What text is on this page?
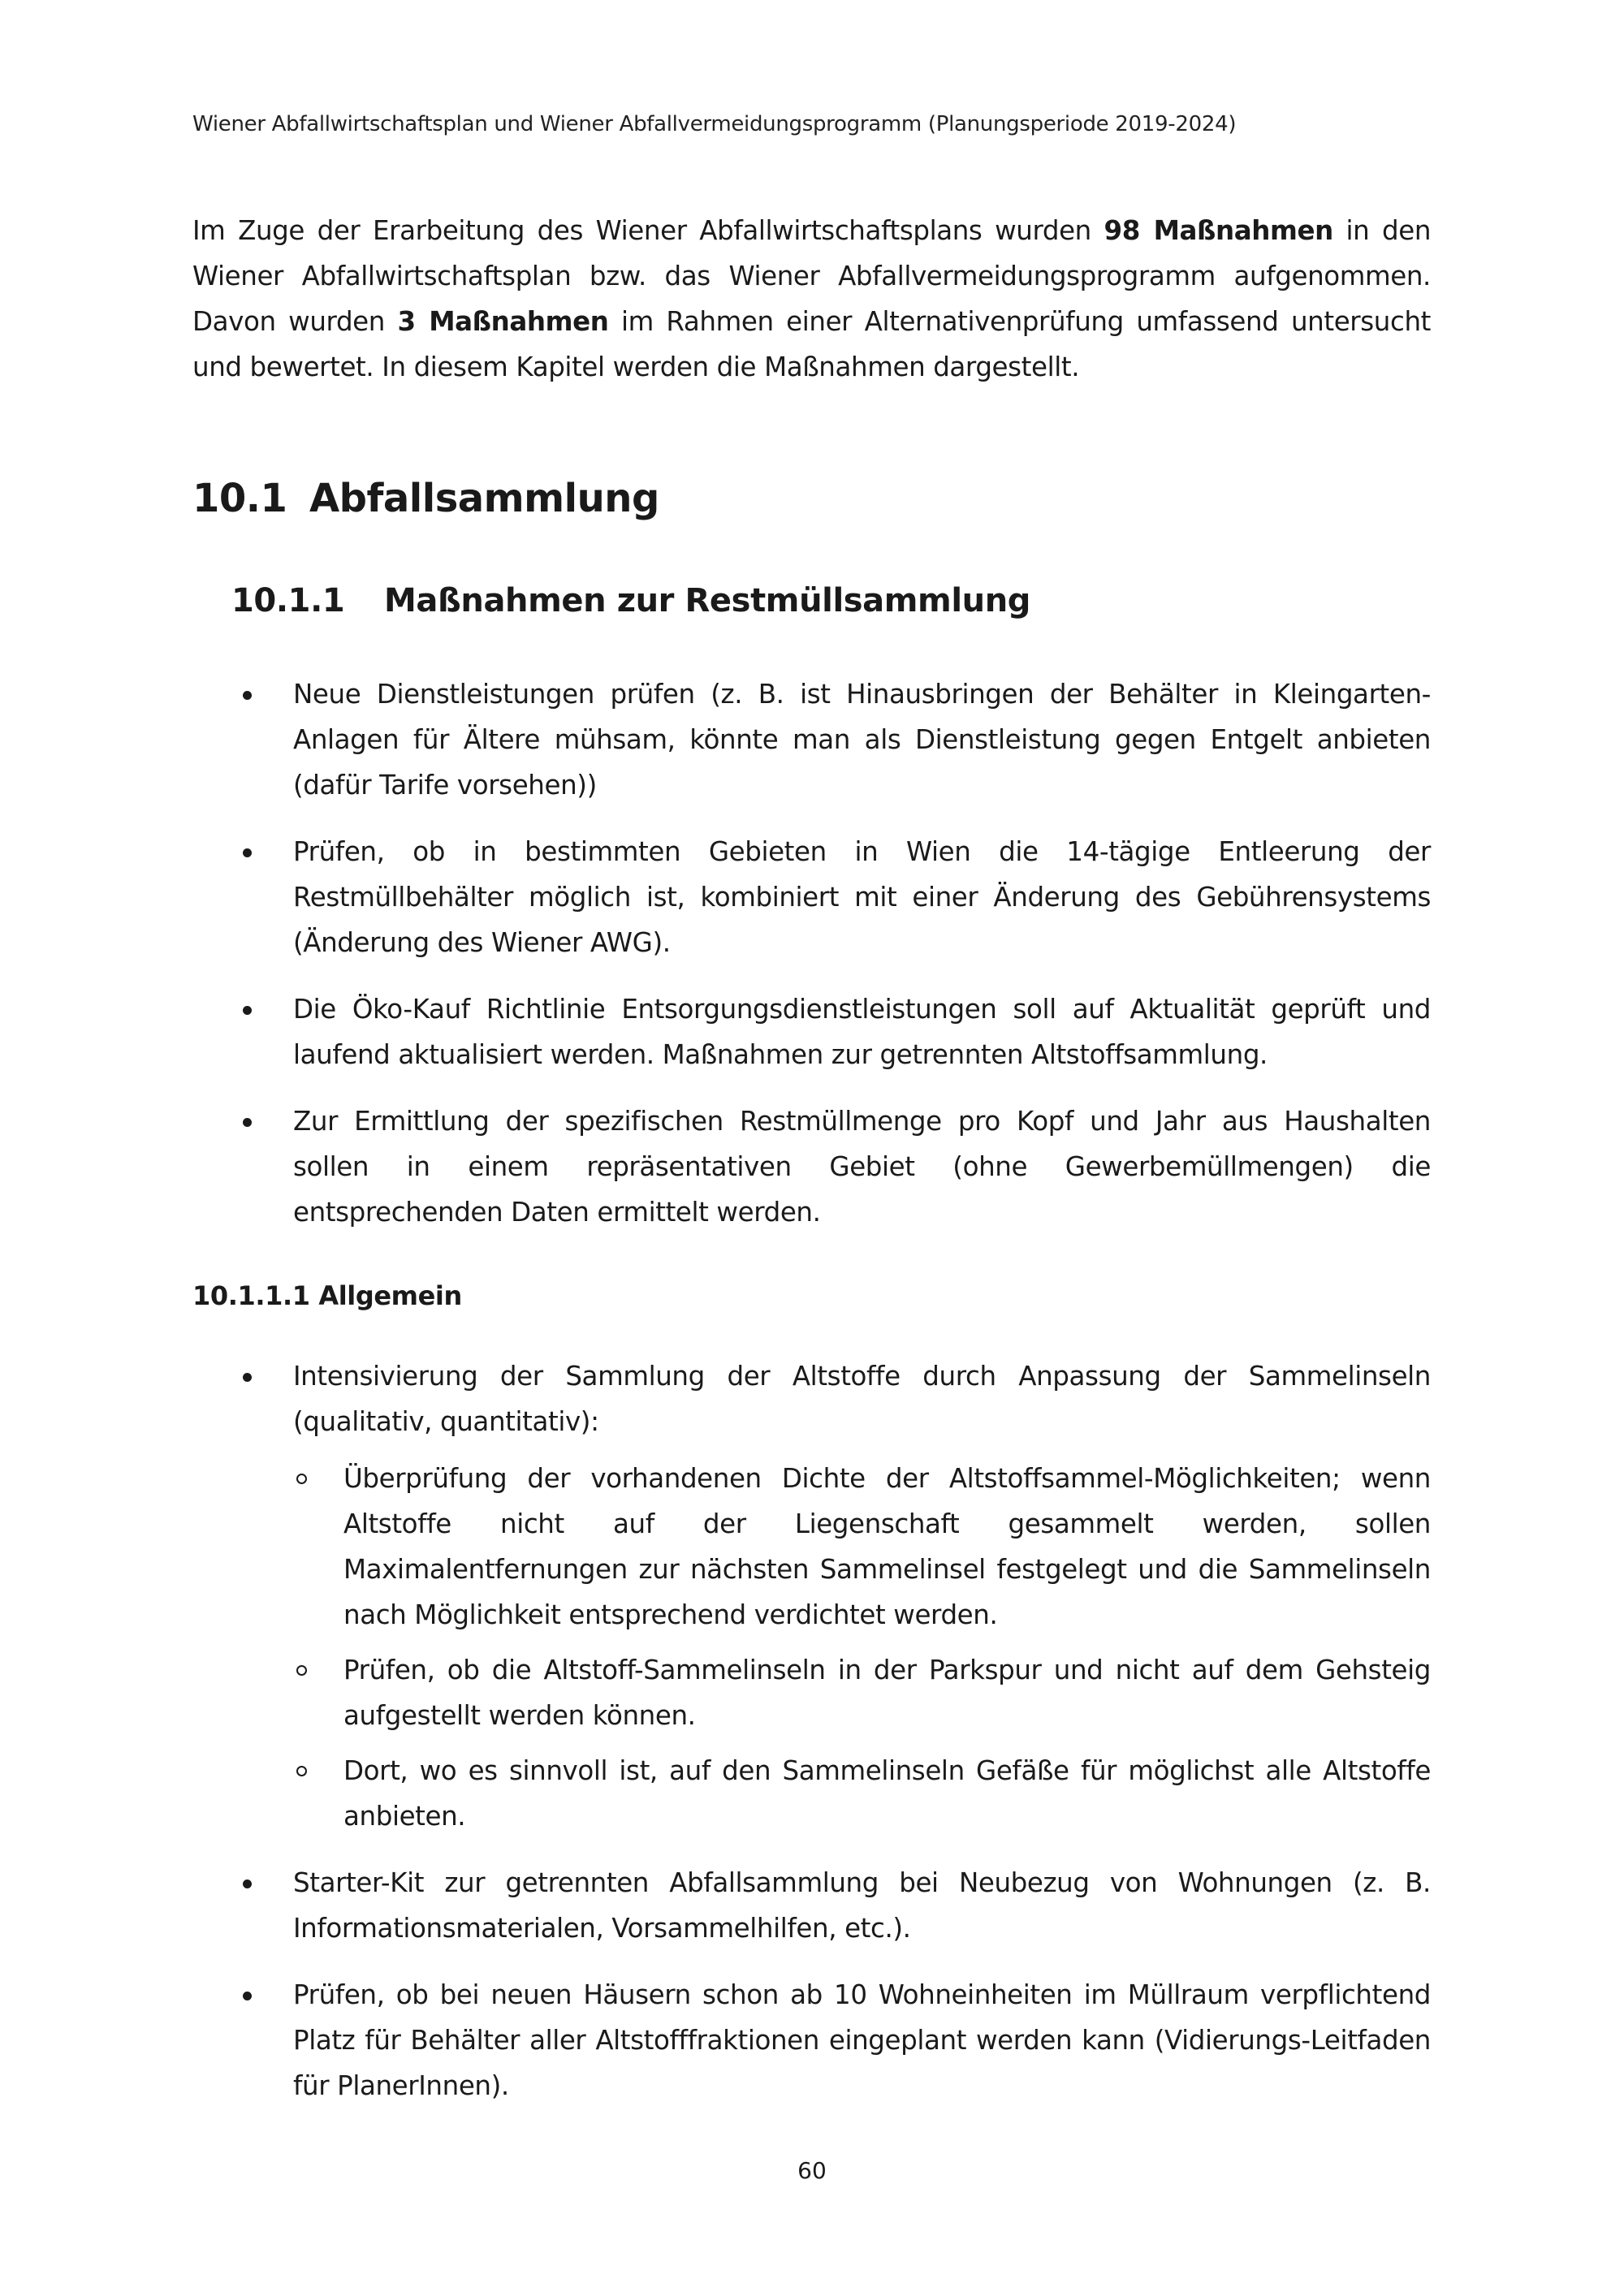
Wiener Abfallwirtschaftsplan und Wiener Abfallvermeidungsprogramm (Planungsperiode 2019-2024)

Im Zuge der Erarbeitung des Wiener Abfallwirtschaftsplans wurden 98 Maßnahmen in den Wiener Abfallwirtschaftsplan bzw. das Wiener Abfallvermeidungsprogramm aufgenommen. Davon wurden 3 Maßnahmen im Rahmen einer Alternativenprüfung umfassend untersucht und bewertet. In diesem Kapitel werden die Maßnahmen dargestellt.

10.1 Abfallsammlung
10.1.1 Maßnahmen zur Restmüllsammlung

Neue Dienstleistungen prüfen (z. B. ist Hinausbringen der Behälter in Kleingarten-Anlagen für Ältere mühsam, könnte man als Dienstleistung gegen Entgelt anbieten (dafür Tarife vorsehen))

Prüfen, ob in bestimmten Gebieten in Wien die 14-tägige Entleerung der Restmüllbehälter möglich ist, kombiniert mit einer Änderung des Gebührensystems (Änderung des Wiener AWG).

Die Öko-Kauf Richtlinie Entsorgungsdienstleistungen soll auf Aktualität geprüft und laufend aktualisiert werden. Maßnahmen zur getrennten Altstoffsammlung.

Zur Ermittlung der spezifischen Restmüllmenge pro Kopf und Jahr aus Haushalten sollen in einem repräsentativen Gebiet (ohne Gewerbemüllmengen) die entsprechenden Daten ermittelt werden.

10.1.1.1 Allgemein

Intensivierung der Sammlung der Altstoffe durch Anpassung der Sammelinseln (qualitativ, quantitativ):

Überprüfung der vorhandenen Dichte der Altstoffsammel-Möglichkeiten; wenn Altstoffe nicht auf der Liegenschaft gesammelt werden, sollen Maximalentfernungen zur nächsten Sammelinsel festgelegt und die Sammelinseln nach Möglichkeit entsprechend verdichtet werden.

Prüfen, ob die Altstoff-Sammelinseln in der Parkspur und nicht auf dem Gehsteig aufgestellt werden können.

Dort, wo es sinnvoll ist, auf den Sammelinseln Gefäße für möglichst alle Altstoffe anbieten.

Starter-Kit zur getrennten Abfallsammlung bei Neubezug von Wohnungen (z. B. Informationsmaterialen, Vorsammelhilfen, etc.).

Prüfen, ob bei neuen Häusern schon ab 10 Wohneinheiten im Müllraum verpflichtend Platz für Behälter aller Altstofffraktionen eingeplant werden kann (Vidierungs-Leitfaden für PlanerInnen).

60
